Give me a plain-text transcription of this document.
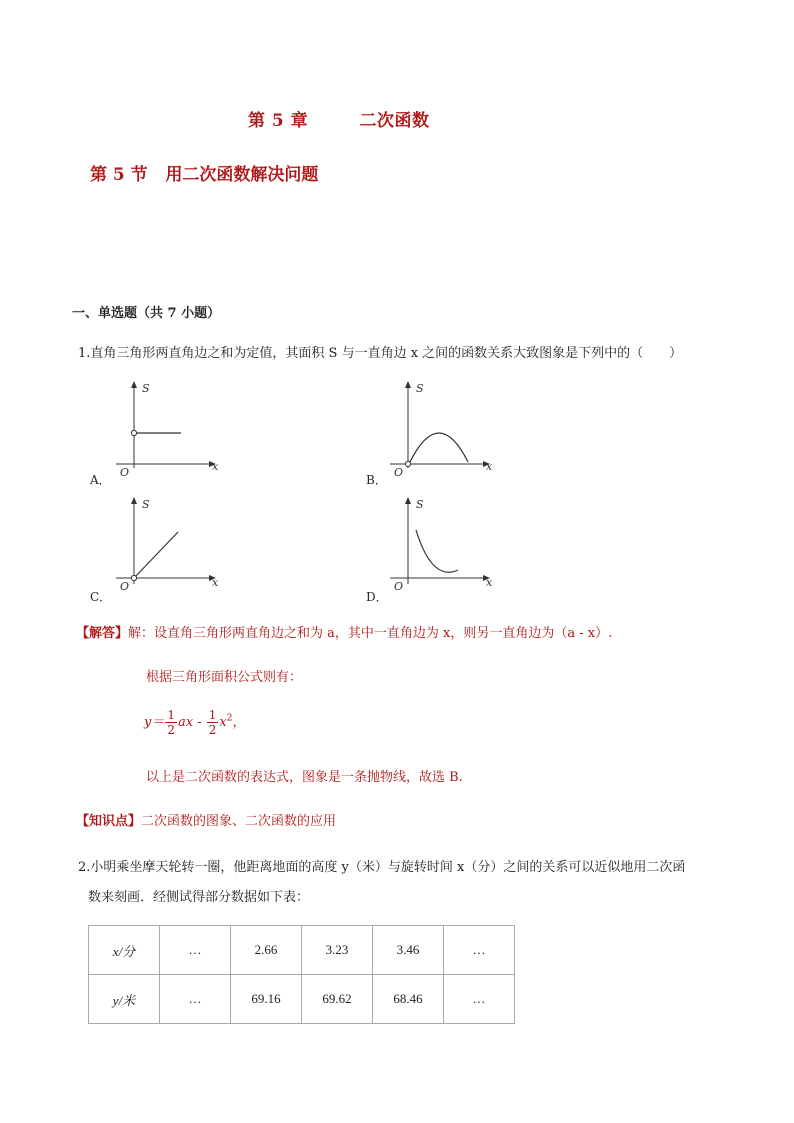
第 5 章	二次函数
第 5 节 用二次函数解决问题
一、单选题（共 7 小题）
1.直角三角形两直角边之和为定值，其面积 S 与一直角边 x 之间的函数关系大致图象是下列中的（　　）
S
x
O
A．
S
x
O
B．
S
x
O
C．
S
x
O
D．
【解答】解：设直角三角形两直角边之和为 a，其中一直角边为 x，则另一直角边为（a - x）.
根据三角形面积公式则有：
$y= \frac{1}{2}$ ax - $\frac{1}{2} x^2$，
以上是二次函数的表达式，图象是一条抛物线，故选 B.
【知识点】二次函数的图象、二次函数的应用
2.小明乘坐摩天轮转一圈，他距离地面的高度 y（米）与旋转时间 x（分）之间的关系可以近似地用二次函
数来刻画．经侧试得部分数据如下表：
x/分	…	2.66	3.23	3.46	…
y/米	…	69.16	69.62	68.46	…
